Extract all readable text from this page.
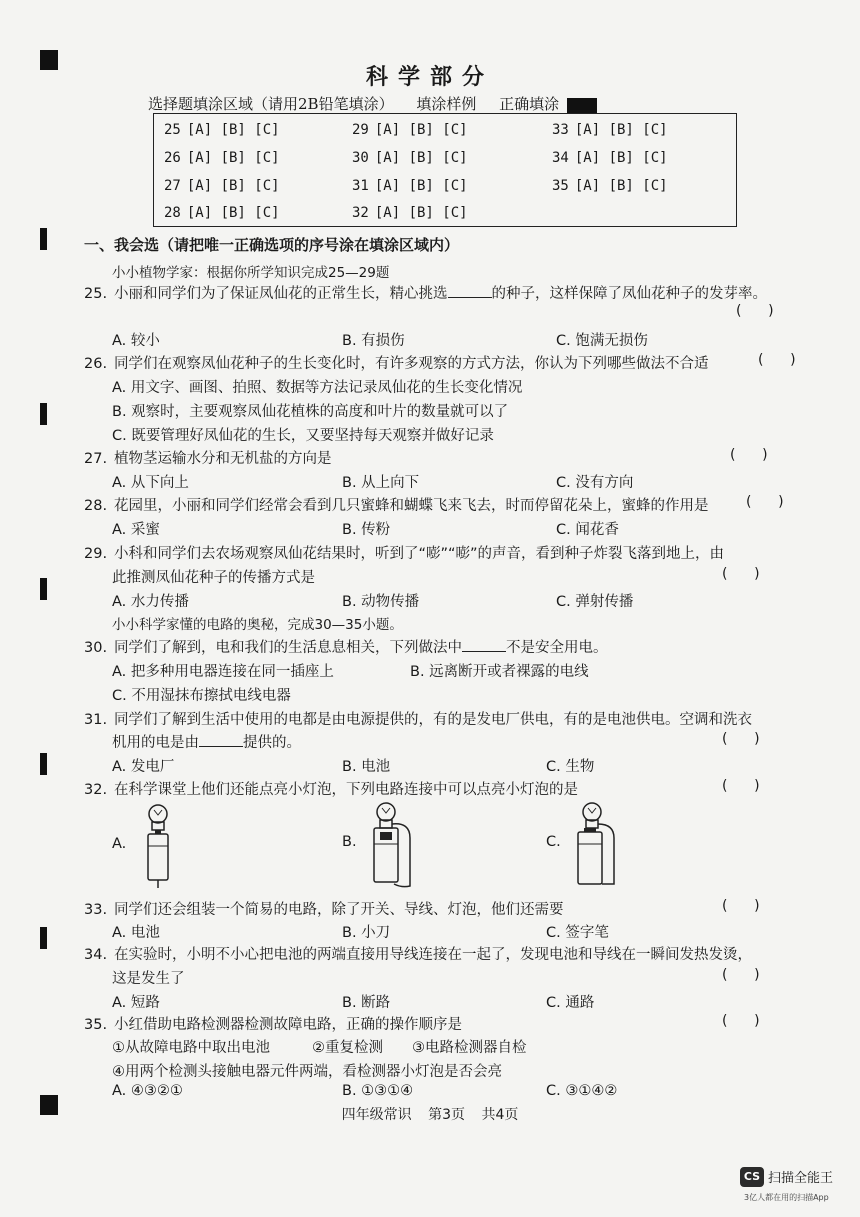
科学部分
选择题填涂区域（请用2B铅笔填涂） 填涂样例 正确填涂
25 [A] [B] [C]
26 [A] [B] [C]
27 [A] [B] [C]
28 [A] [B] [C]
29 [A] [B] [C]
30 [A] [B] [C]
31 [A] [B] [C]
32 [A] [B] [C]
33 [A] [B] [C]
34 [A] [B] [C]
35 [A] [B] [C]
一、我会选（请把唯一正确选项的序号涂在填涂区域内）
小小植物学家：根据你所学知识完成25—29题
25. 小丽和同学们为了保证凤仙花的正常生长，精心挑选	的种子，这样保障了凤仙花种子的发芽率。
(      )
A. 较小	B. 有损伤	C. 饱满无损伤
26. 同学们在观察凤仙花种子的生长变化时，有许多观察的方式方法，你认为下列哪些做法不合适	(      )
A. 用文字、画图、拍照、数据等方法记录凤仙花的生长变化情况
B. 观察时，主要观察凤仙花植株的高度和叶片的数量就可以了
C. 既要管理好凤仙花的生长，又要坚持每天观察并做好记录
27. 植物茎运输水分和无机盐的方向是	(      )
A. 从下向上	B. 从上向下	C. 没有方向
28. 花园里，小丽和同学们经常会看到几只蜜蜂和蝴蝶飞来飞去，时而停留花朵上，蜜蜂的作用是	(      )
A. 采蜜	B. 传粉	C. 闻花香
29. 小科和同学们去农场观察凤仙花结果时，听到了“嘭”“嘭”的声音，看到种子炸裂飞落到地上，由
此推测凤仙花种子的传播方式是	(      )
A. 水力传播	B. 动物传播	C. 弹射传播
小小科学家懂的电路的奥秘，完成30—35小题。
30. 同学们了解到，电和我们的生活息息相关，下列做法中	不是安全用电。
A. 把多种用电器连接在同一插座上	B. 远离断开或者裸露的电线
C. 不用湿抹布擦拭电线电器
31. 同学们了解到生活中使用的电都是由电源提供的，有的是发电厂供电，有的是电池供电。空调和洗衣
机用的电是由	提供的。	(      )
A. 发电厂	B. 电池	C. 生物
32. 在科学课堂上他们还能点亮小灯泡，下列电路连接中可以点亮小灯泡的是	(      )
A.	B.	C.
33. 同学们还会组装一个简易的电路，除了开关、导线、灯泡，他们还需要	(      )
A. 电池	B. 小刀	C. 签字笔
34. 在实验时，小明不小心把电池的两端直接用导线连接在一起了，发现电池和导线在一瞬间发热发烫，
这是发生了	(      )
A. 短路	B. 断路	C. 通路
35. 小红借助电路检测器检测故障电路，正确的操作顺序是	(      )
①从故障电路中取出电池	②重复检测 ③电路检测器自检
④用两个检测头接触电器元件两端，看检测器小灯泡是否会亮
A. ④③②①	B. ①③①④	C. ③①④②
四年级常识 第3页 共4页
CS 扫描全能王
3亿人都在用的扫描App
